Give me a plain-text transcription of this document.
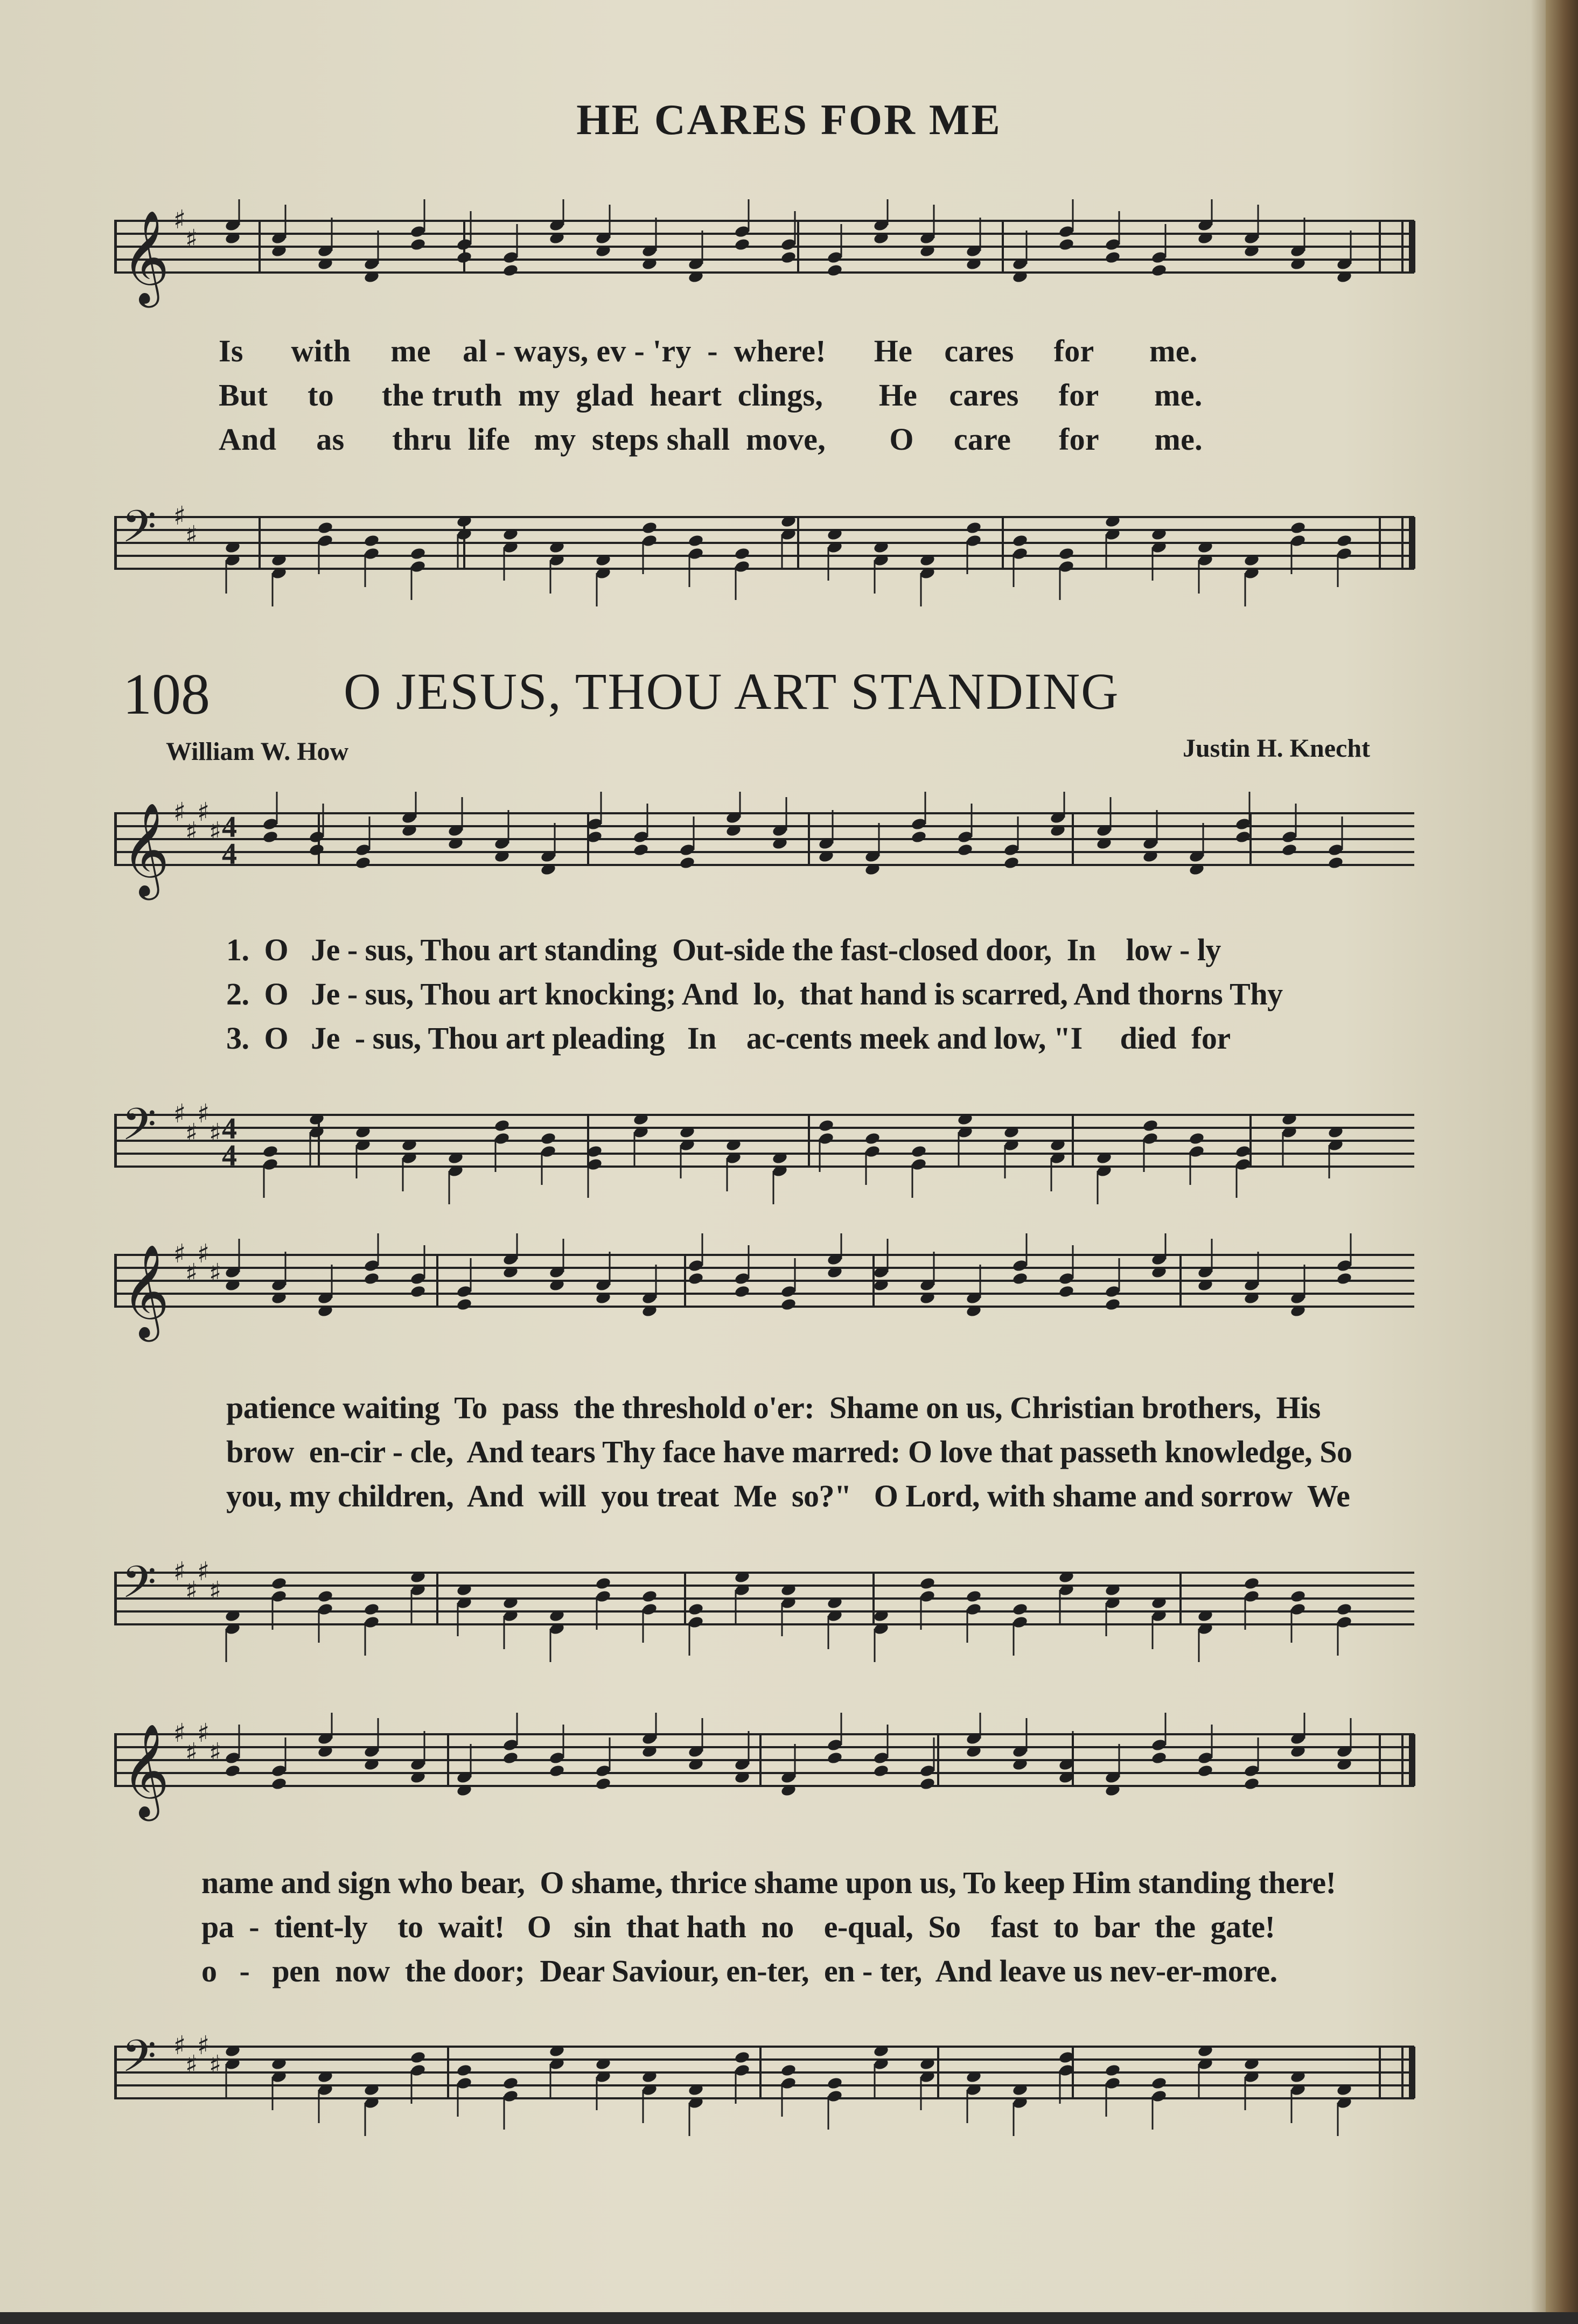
HE CARES FOR ME
𝄞 ♯
♯
Is      with     me    al - ways, ev - 'ry  -  where!      He    cares     for       me.
But     to      the truth  my  glad  heart  clings,       He    cares     for       me.
And     as      thru  life   my  steps shall  move,        O     care      for       me.
𝄢 ♯
♯
108	O JESUS, THOU ART STANDING
William W. How	Justin H. Knecht
𝄞 ♯
♯
♯
♯ 4
4
1.  O   Je - sus, Thou art standing  Out-side the fast-closed door,  In    low - ly
2.  O   Je - sus, Thou art knocking; And  lo,  that hand is scarred, And thorns Thy
3.  O   Je  - sus, Thou art pleading   In    ac-cents meek and low, "I     died  for
𝄢 ♯
♯
♯
♯ 4
4
𝄞 ♯
♯
♯
♯
patience waiting  To  pass  the threshold o'er:  Shame on us, Christian brothers,  His
brow  en-cir - cle,  And tears Thy face have marred: O love that passeth knowledge, So
you, my children,  And  will  you treat  Me  so?"   O Lord, with shame and sorrow  We
𝄢 ♯
♯
♯
♯
𝄞 ♯
♯
♯
♯
name and sign who bear,  O shame, thrice shame upon us, To keep Him standing there!
pa  -  tient-ly    to  wait!   O   sin  that hath  no    e-qual,  So    fast  to  bar  the  gate!
o   -   pen  now  the door;  Dear Saviour, en-ter,  en - ter,  And leave us nev-er-more.
𝄢 ♯
♯
♯
♯
